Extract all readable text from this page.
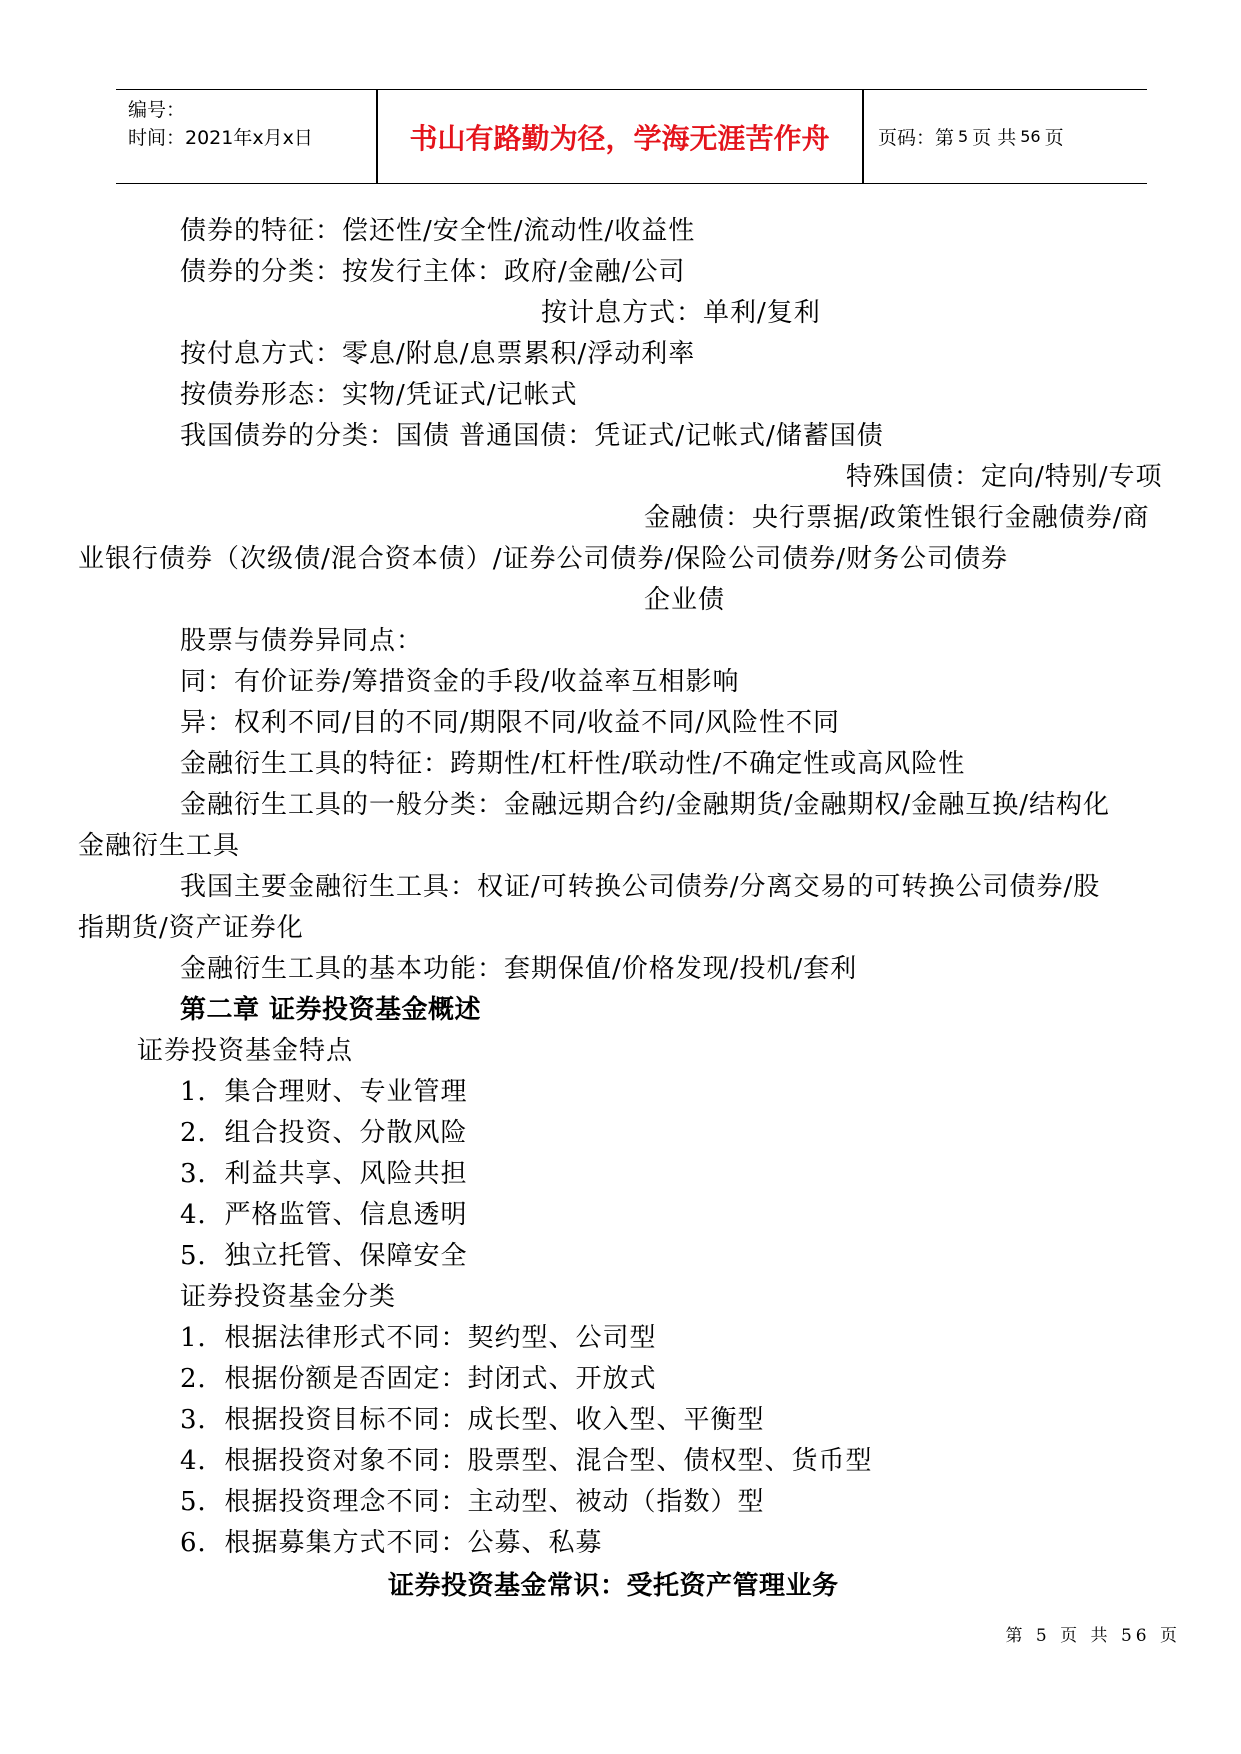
编号：
时间：2021年x月x日	书山有路勤为径，学海无涯苦作舟	页码：第 5 页 共 56 页
债券的特征：偿还性/安全性/流动性/收益性
债券的分类：按发行主体：政府/金融/公司
按计息方式：单利/复利
按付息方式：零息/附息/息票累积/浮动利率
按债券形态：实物/凭证式/记帐式
我国债券的分类：国债 普通国债：凭证式/记帐式/储蓄国债
特殊国债：定向/特别/专项
金融债：央行票据/政策性银行金融债券/商
业银行债券（次级债/混合资本债）/证券公司债券/保险公司债券/财务公司债券
企业债
股票与债券异同点：
同：有价证券/筹措资金的手段/收益率互相影响
异：权利不同/目的不同/期限不同/收益不同/风险性不同
金融衍生工具的特征：跨期性/杠杆性/联动性/不确定性或高风险性
金融衍生工具的一般分类：金融远期合约/金融期货/金融期权/金融互换/结构化
金融衍生工具
我国主要金融衍生工具：权证/可转换公司债券/分离交易的可转换公司债券/股
指期货/资产证券化
金融衍生工具的基本功能：套期保值/价格发现/投机/套利
第二章 证券投资基金概述
证券投资基金特点
1．集合理财、专业管理
2．组合投资、分散风险
3．利益共享、风险共担
4．严格监管、信息透明
5．独立托管、保障安全
证券投资基金分类
1．根据法律形式不同：契约型、公司型
2．根据份额是否固定：封闭式、开放式
3．根据投资目标不同：成长型、收入型、平衡型
4．根据投资对象不同：股票型、混合型、债权型、货币型
5．根据投资理念不同：主动型、被动（指数）型
6．根据募集方式不同：公募、私募
证券投资基金常识：受托资产管理业务
第 5 页 共 56 页
